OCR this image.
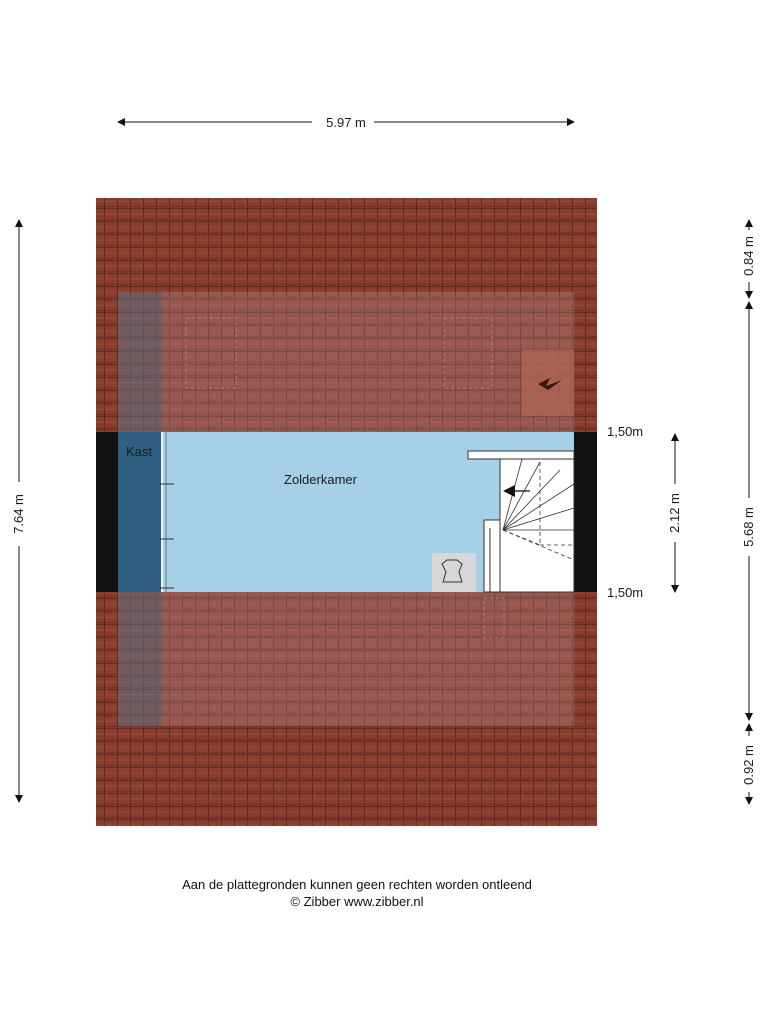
Kast
Zolderkamer
5.97 m
7.64 m
0.84 m
5.68 m
0.92 m
2.12 m
1,50m
1,50m
Aan de plattegronden kunnen geen rechten worden ontleend
© Zibber www.zibber.nl
